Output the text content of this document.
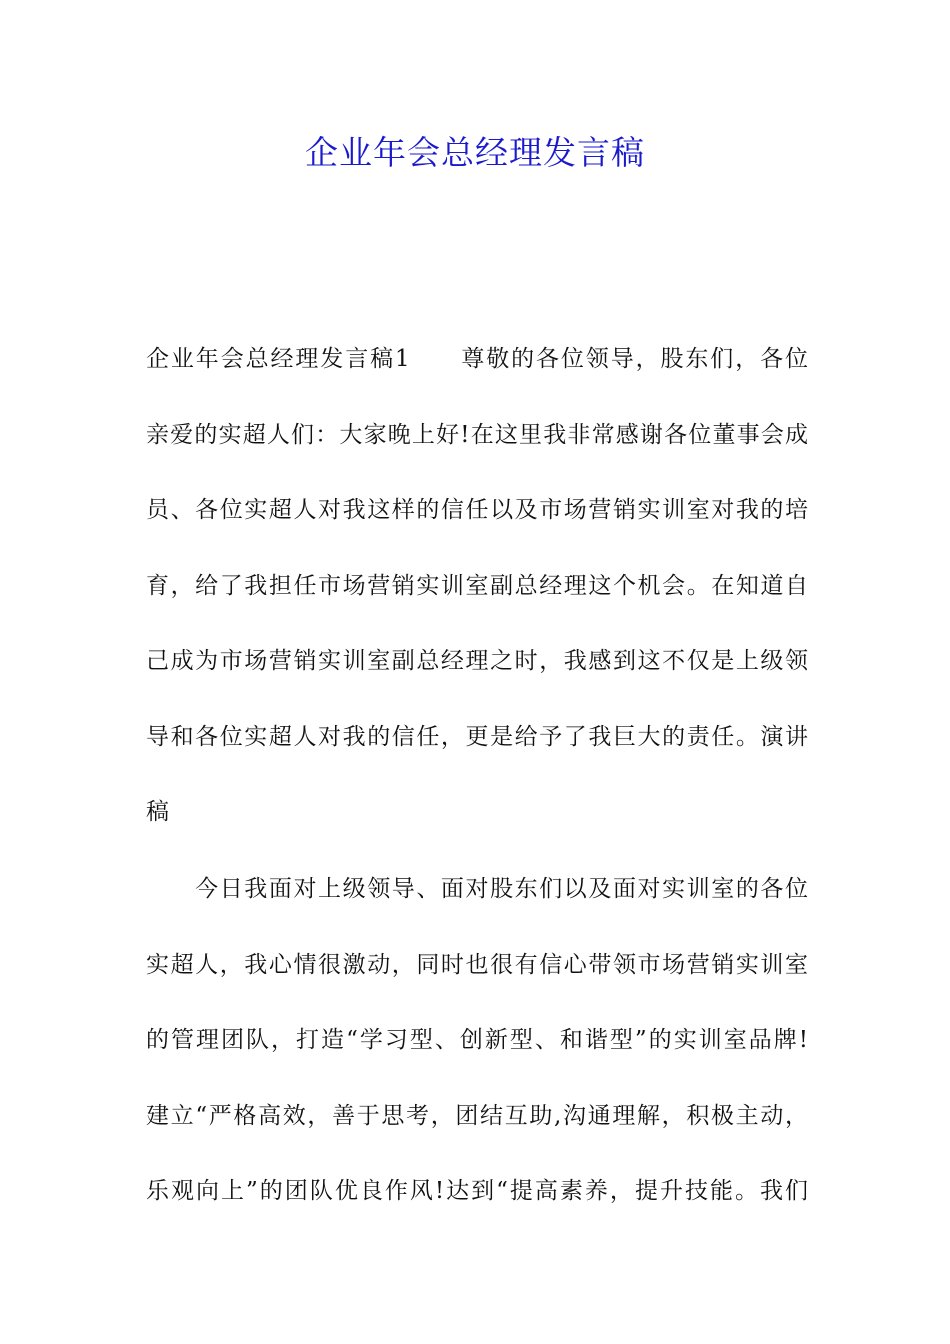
企业年会总经理发言稿
企业年会总经理发言稿1　　尊敬的各位领导，股东们，各位
亲爱的实超人们：大家晚上好!在这里我非常感谢各位董事会成
员、各位实超人对我这样的信任以及市场营销实训室对我的培
育，给了我担任市场营销实训室副总经理这个机会。在知道自
己成为市场营销实训室副总经理之时，我感到这不仅是上级领
导和各位实超人对我的信任，更是给予了我巨大的责任。演讲
稿
　　今日我面对上级领导、面对股东们以及面对实训室的各位
实超人，我心情很激动，同时也很有信心带领市场营销实训室
的管理团队，打造“学习型、创新型、和谐型”的实训室品牌!
建立“严格高效，善于思考，团结互助,沟通理解，积极主动，
乐观向上”的团队优良作风!达到“提高素养，提升技能。我们
